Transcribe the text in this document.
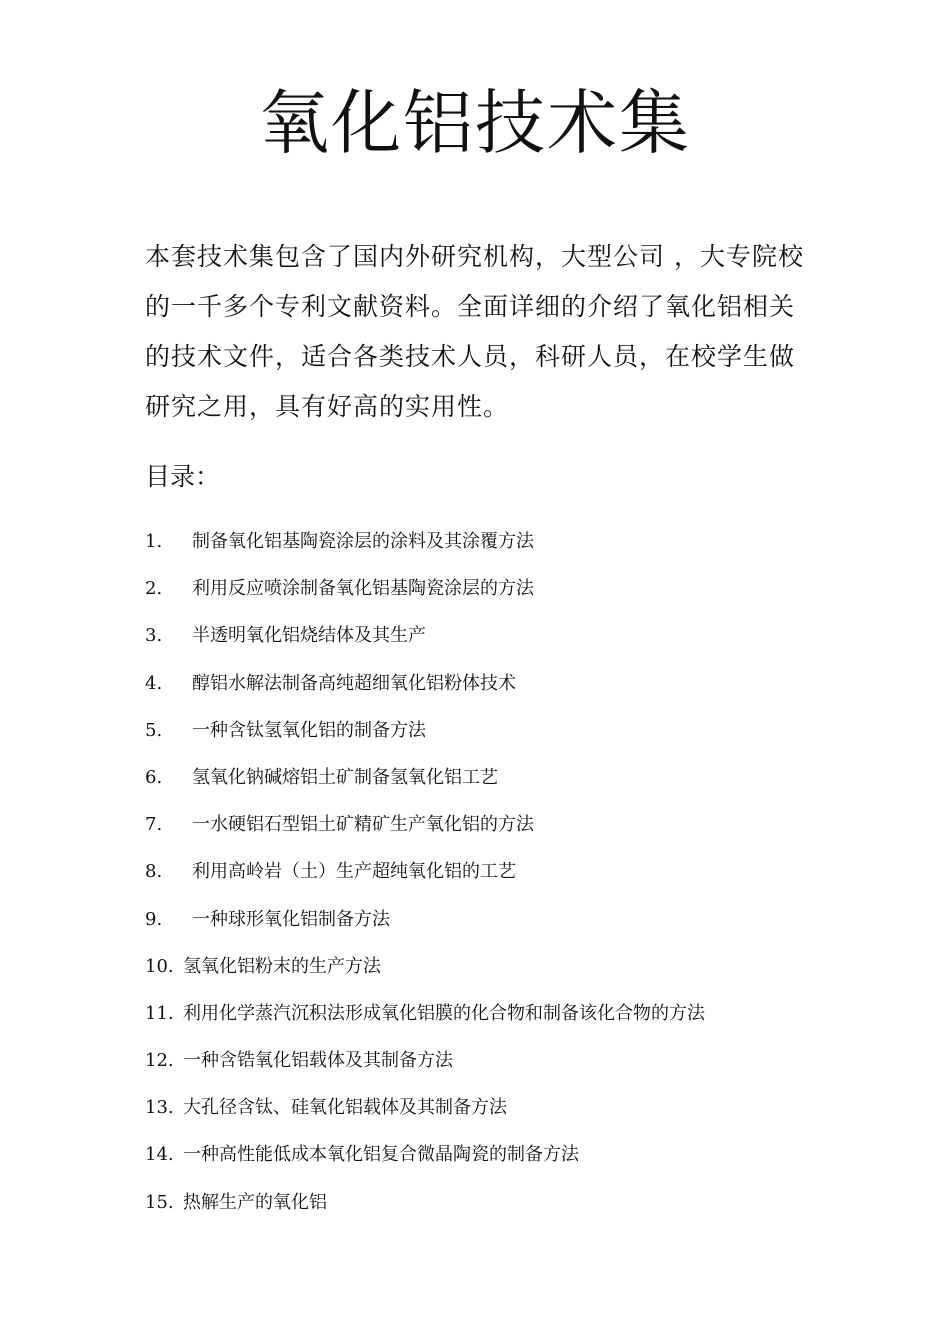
氧化铝技术集

本套技术集包含了国内外研究机构，大型公司 ，大专院校的一千多个专利文献资料。全面详细的介绍了氧化铝相关的技术文件，适合各类技术人员，科研人员，在校学生做研究之用，具有好高的实用性。

目录：

1.	制备氧化铝基陶瓷涂层的涂料及其涂覆方法
2.	利用反应喷涂制备氧化铝基陶瓷涂层的方法
3.	半透明氧化铝烧结体及其生产
4.	醇铝水解法制备高纯超细氧化铝粉体技术
5.	一种含钛氢氧化铝的制备方法
6.	氢氧化钠碱熔铝土矿制备氢氧化铝工艺
7.	一水硬铝石型铝土矿精矿生产氧化铝的方法
8.	利用高岭岩（土）生产超纯氧化铝的工艺
9.	一种球形氧化铝制备方法
10. 氢氧化铝粉末的生产方法
11. 利用化学蒸汽沉积法形成氧化铝膜的化合物和制备该化合物的方法
12. 一种含锆氧化铝载体及其制备方法
13. 大孔径含钛、硅氧化铝载体及其制备方法
14. 一种高性能低成本氧化铝复合微晶陶瓷的制备方法
15. 热解生产的氧化铝
